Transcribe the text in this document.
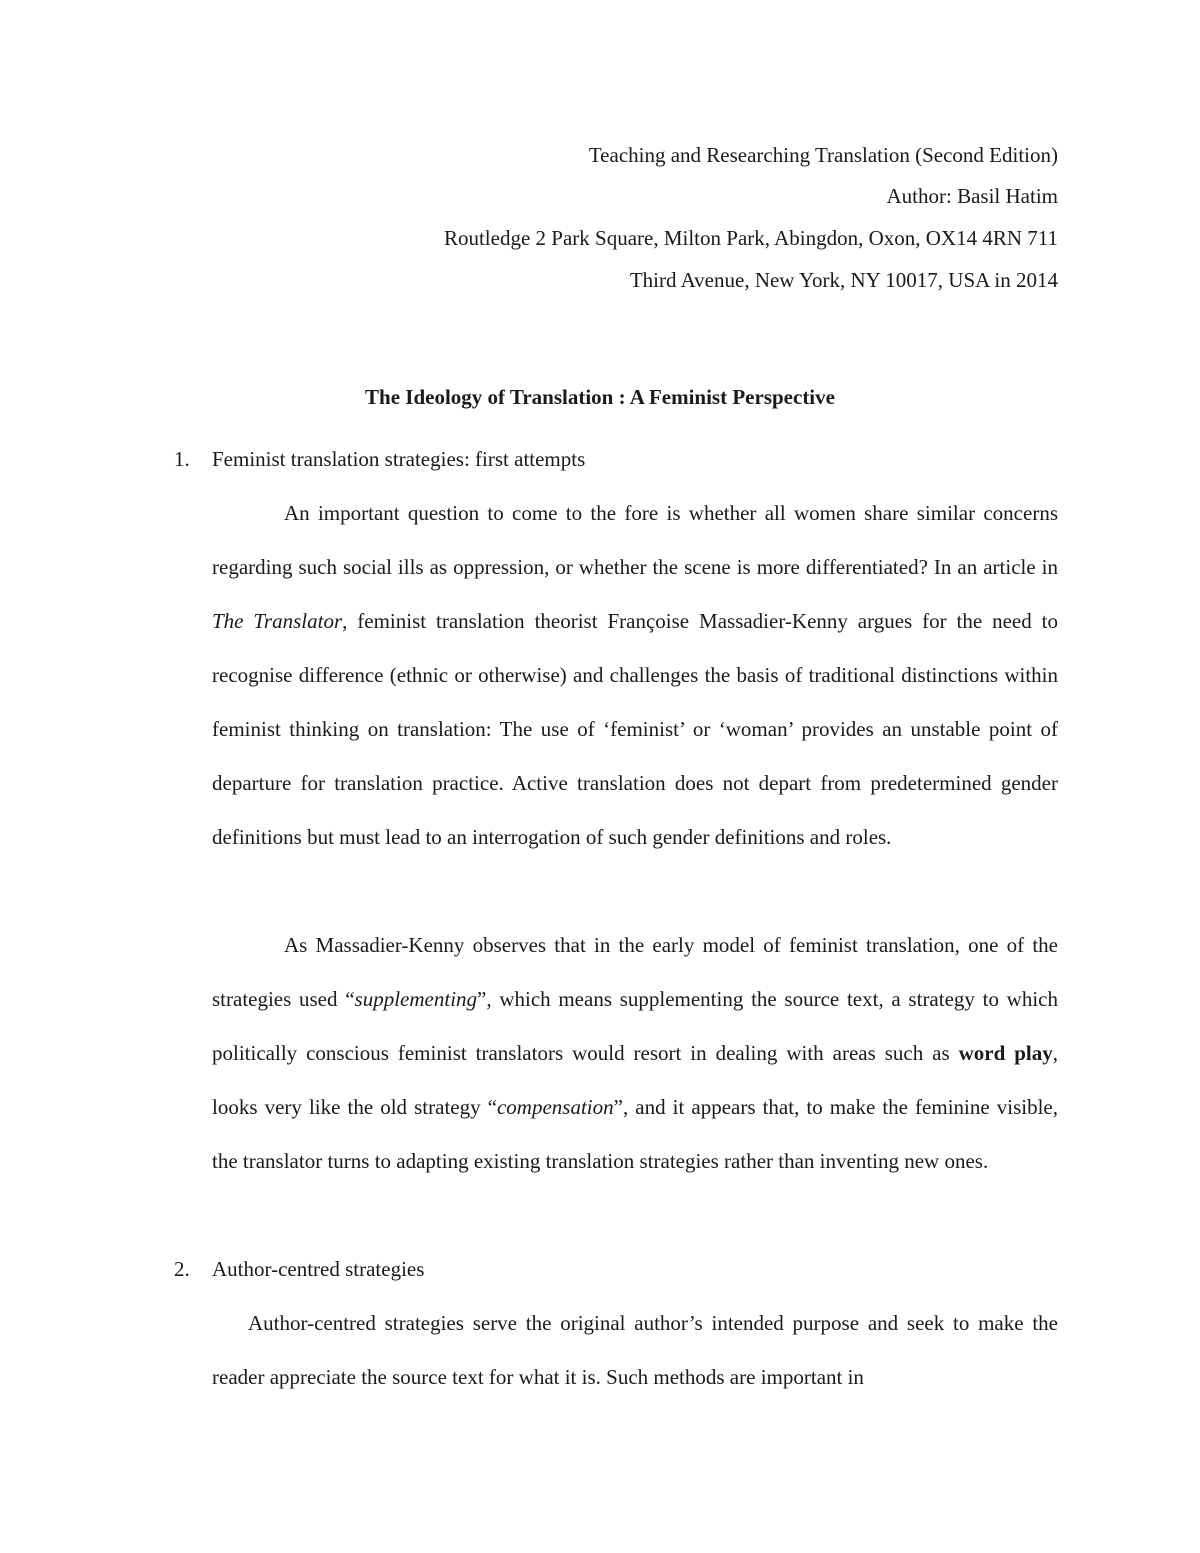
Teaching and Researching Translation (Second Edition)
Author: Basil Hatim
Routledge 2 Park Square, Milton Park, Abingdon, Oxon, OX14 4RN 711
Third Avenue, New York, NY 10017, USA in 2014
The Ideology of Translation : A Feminist Perspective
1. Feminist translation strategies: first attempts

An important question to come to the fore is whether all women share similar concerns regarding such social ills as oppression, or whether the scene is more differentiated? In an article in The Translator, feminist translation theorist Françoise Massadier-Kenny argues for the need to recognise difference (ethnic or otherwise) and challenges the basis of traditional distinctions within feminist thinking on translation: The use of ‘feminist’ or ‘woman’ provides an unstable point of departure for translation practice. Active translation does not depart from predetermined gender definitions but must lead to an interrogation of such gender definitions and roles.

As Massadier-Kenny observes that in the early model of feminist translation, one of the strategies used “supplementing”, which means supplementing the source text, a strategy to which politically conscious feminist translators would resort in dealing with areas such as word play, looks very like the old strategy “compensation”, and it appears that, to make the feminine visible, the translator turns to adapting existing translation strategies rather than inventing new ones.

2. Author-centred strategies

Author-centred strategies serve the original author’s intended purpose and seek to make the reader appreciate the source text for what it is. Such methods are important in
